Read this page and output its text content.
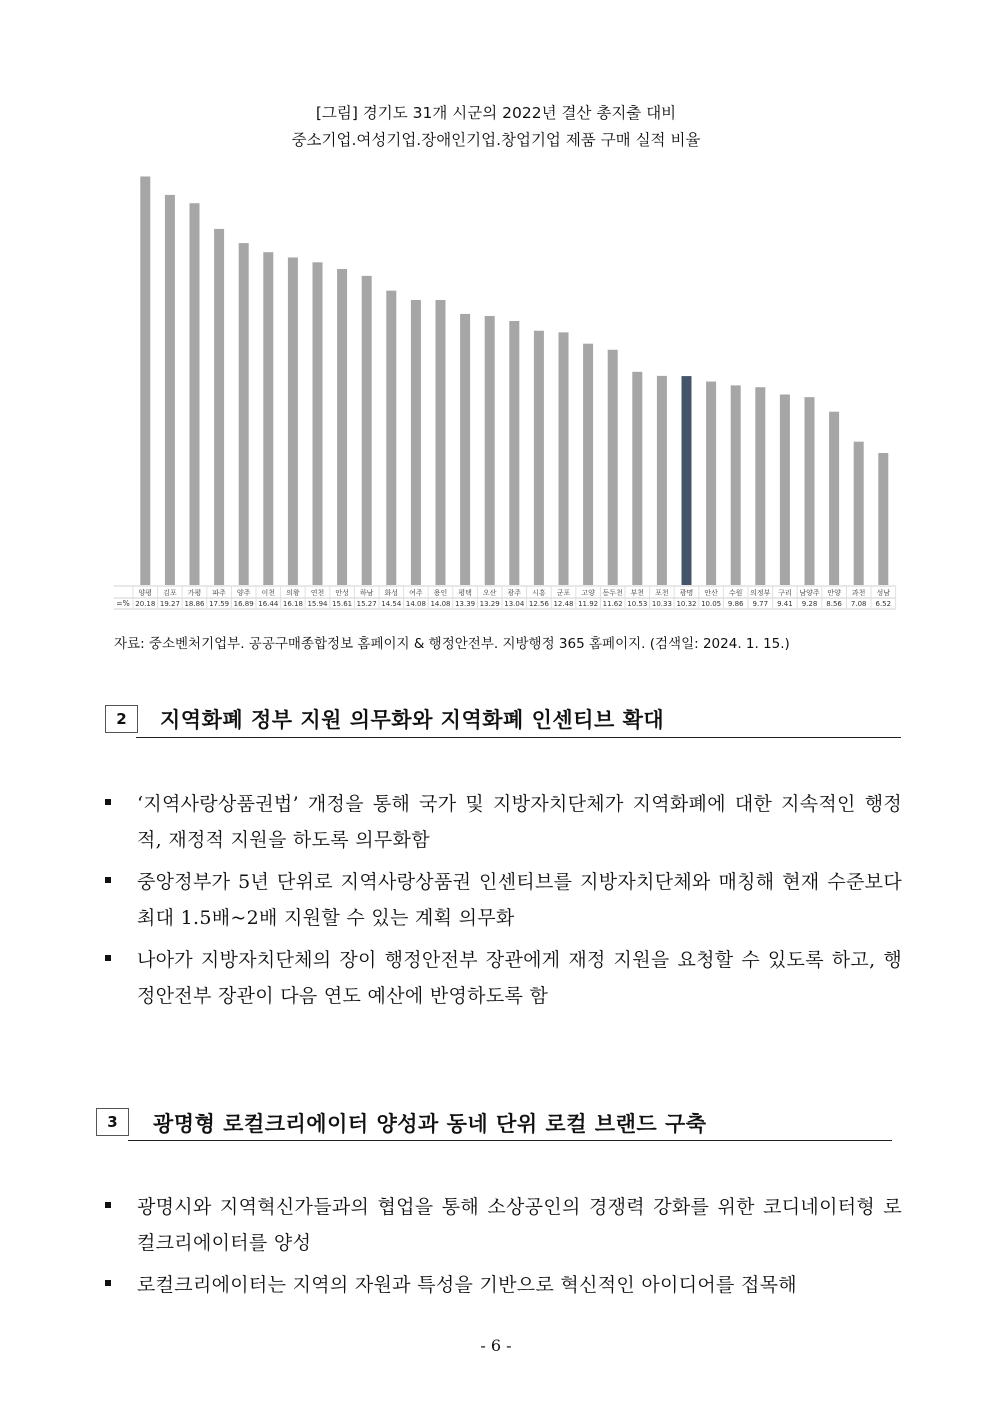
[그림] 경기도 31개 시군의 2022년 결산 총지출 대비
중소기업.여성기업.장애인기업.창업기업 제품 구매 실적 비율
=%
양평
20.18
김포
19.27
가평
18.86
파주
17.59
양주
16.89
이천
16.44
의왕
16.18
연천
15.94
안성
15.61
하남
15.27
화성
14.54
여주
14.08
용인
14.08
평택
13.39
오산
13.29
광주
13.04
시흥
12.56
군포
12.48
고양
11.92
동두천
11.62
부천
10.53
포천
10.33
광명
10.32
안산
10.05
수원
9.86
의정부
9.77
구리
9.41
남양주
9.28
안양
8.56
과천
7.08
성남
6.52
자료: 중소벤처기업부. 공공구매종합정보 홈페이지 & 행정안전부. 지방행정 365 홈페이지. (검색일: 2024. 1. 15.)
2	지역화폐 정부 지원 의무화와 지역화폐 인센티브 확대
‘지역사랑상품권법’ 개정을 통해 국가 및 지방자치단체가 지역화폐에 대한 지속적인 행정적, 재정적 지원을 하도록 의무화함
중앙정부가 5년 단위로 지역사랑상품권 인센티브를 지방자치단체와 매칭해 현재 수준보다 최대 1.5배~2배 지원할 수 있는 계획 의무화
나아가 지방자치단체의 장이 행정안전부 장관에게 재정 지원을 요청할 수 있도록 하고, 행정안전부 장관이 다음 연도 예산에 반영하도록 함
3	광명형 로컬크리에이터 양성과 동네 단위 로컬 브랜드 구축
광명시와 지역혁신가들과의 협업을 통해 소상공인의 경쟁력 강화를 위한 코디네이터형 로컬크리에이터를 양성
로컬크리에이터는 지역의 자원과 특성을 기반으로 혁신적인 아이디어를 접목해
- 6 -
